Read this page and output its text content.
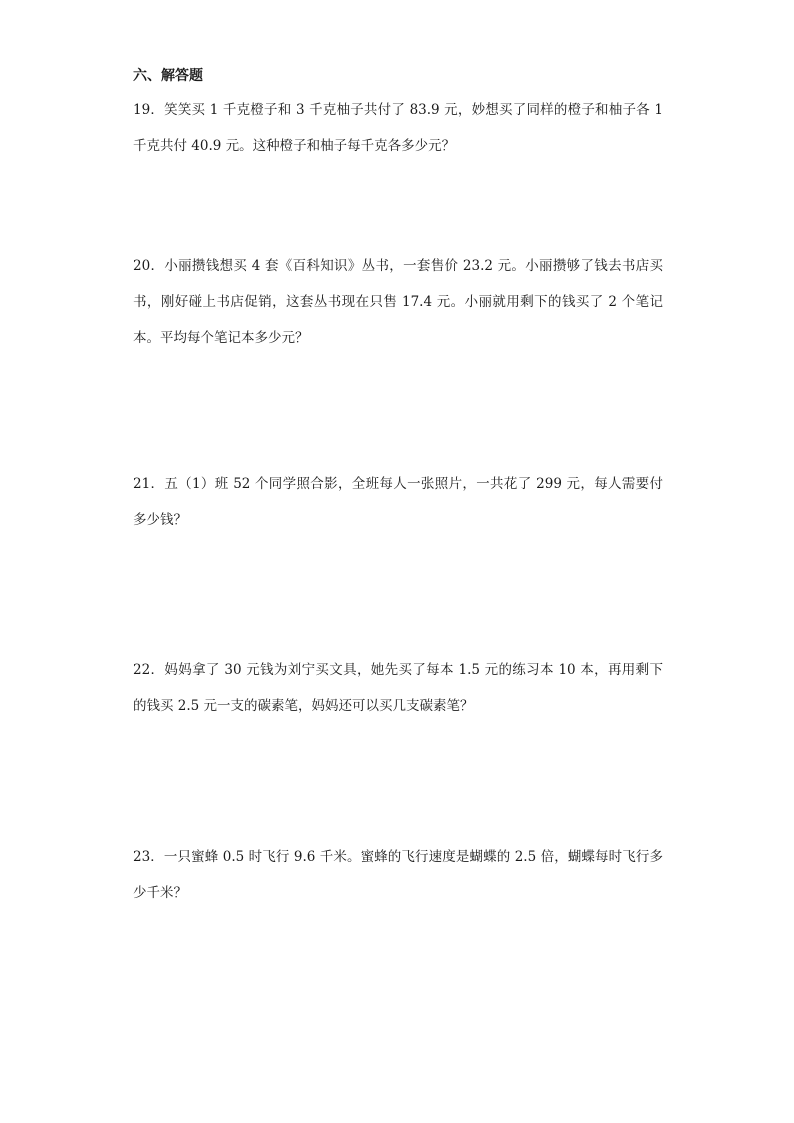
六、解答题
19．笑笑买 1 千克橙子和 3 千克柚子共付了 83.9 元，妙想买了同样的橙子和柚子各 1 千克共付 40.9 元。这种橙子和柚子每千克各多少元？
20．小丽攒钱想买 4 套《百科知识》丛书，一套售价 23.2 元。小丽攒够了钱去书店买书，刚好碰上书店促销，这套丛书现在只售 17.4 元。小丽就用剩下的钱买了 2 个笔记本。平均每个笔记本多少元？
21．五（1）班 52 个同学照合影，全班每人一张照片，一共花了 299 元，每人需要付多少钱？
22．妈妈拿了 30 元钱为刘宁买文具，她先买了每本 1.5 元的练习本 10 本，再用剩下的钱买 2.5 元一支的碳素笔，妈妈还可以买几支碳素笔？
23．一只蜜蜂 0.5 时飞行 9.6 千米。蜜蜂的飞行速度是蝴蝶的 2.5 倍，蝴蝶每时飞行多少千米？
